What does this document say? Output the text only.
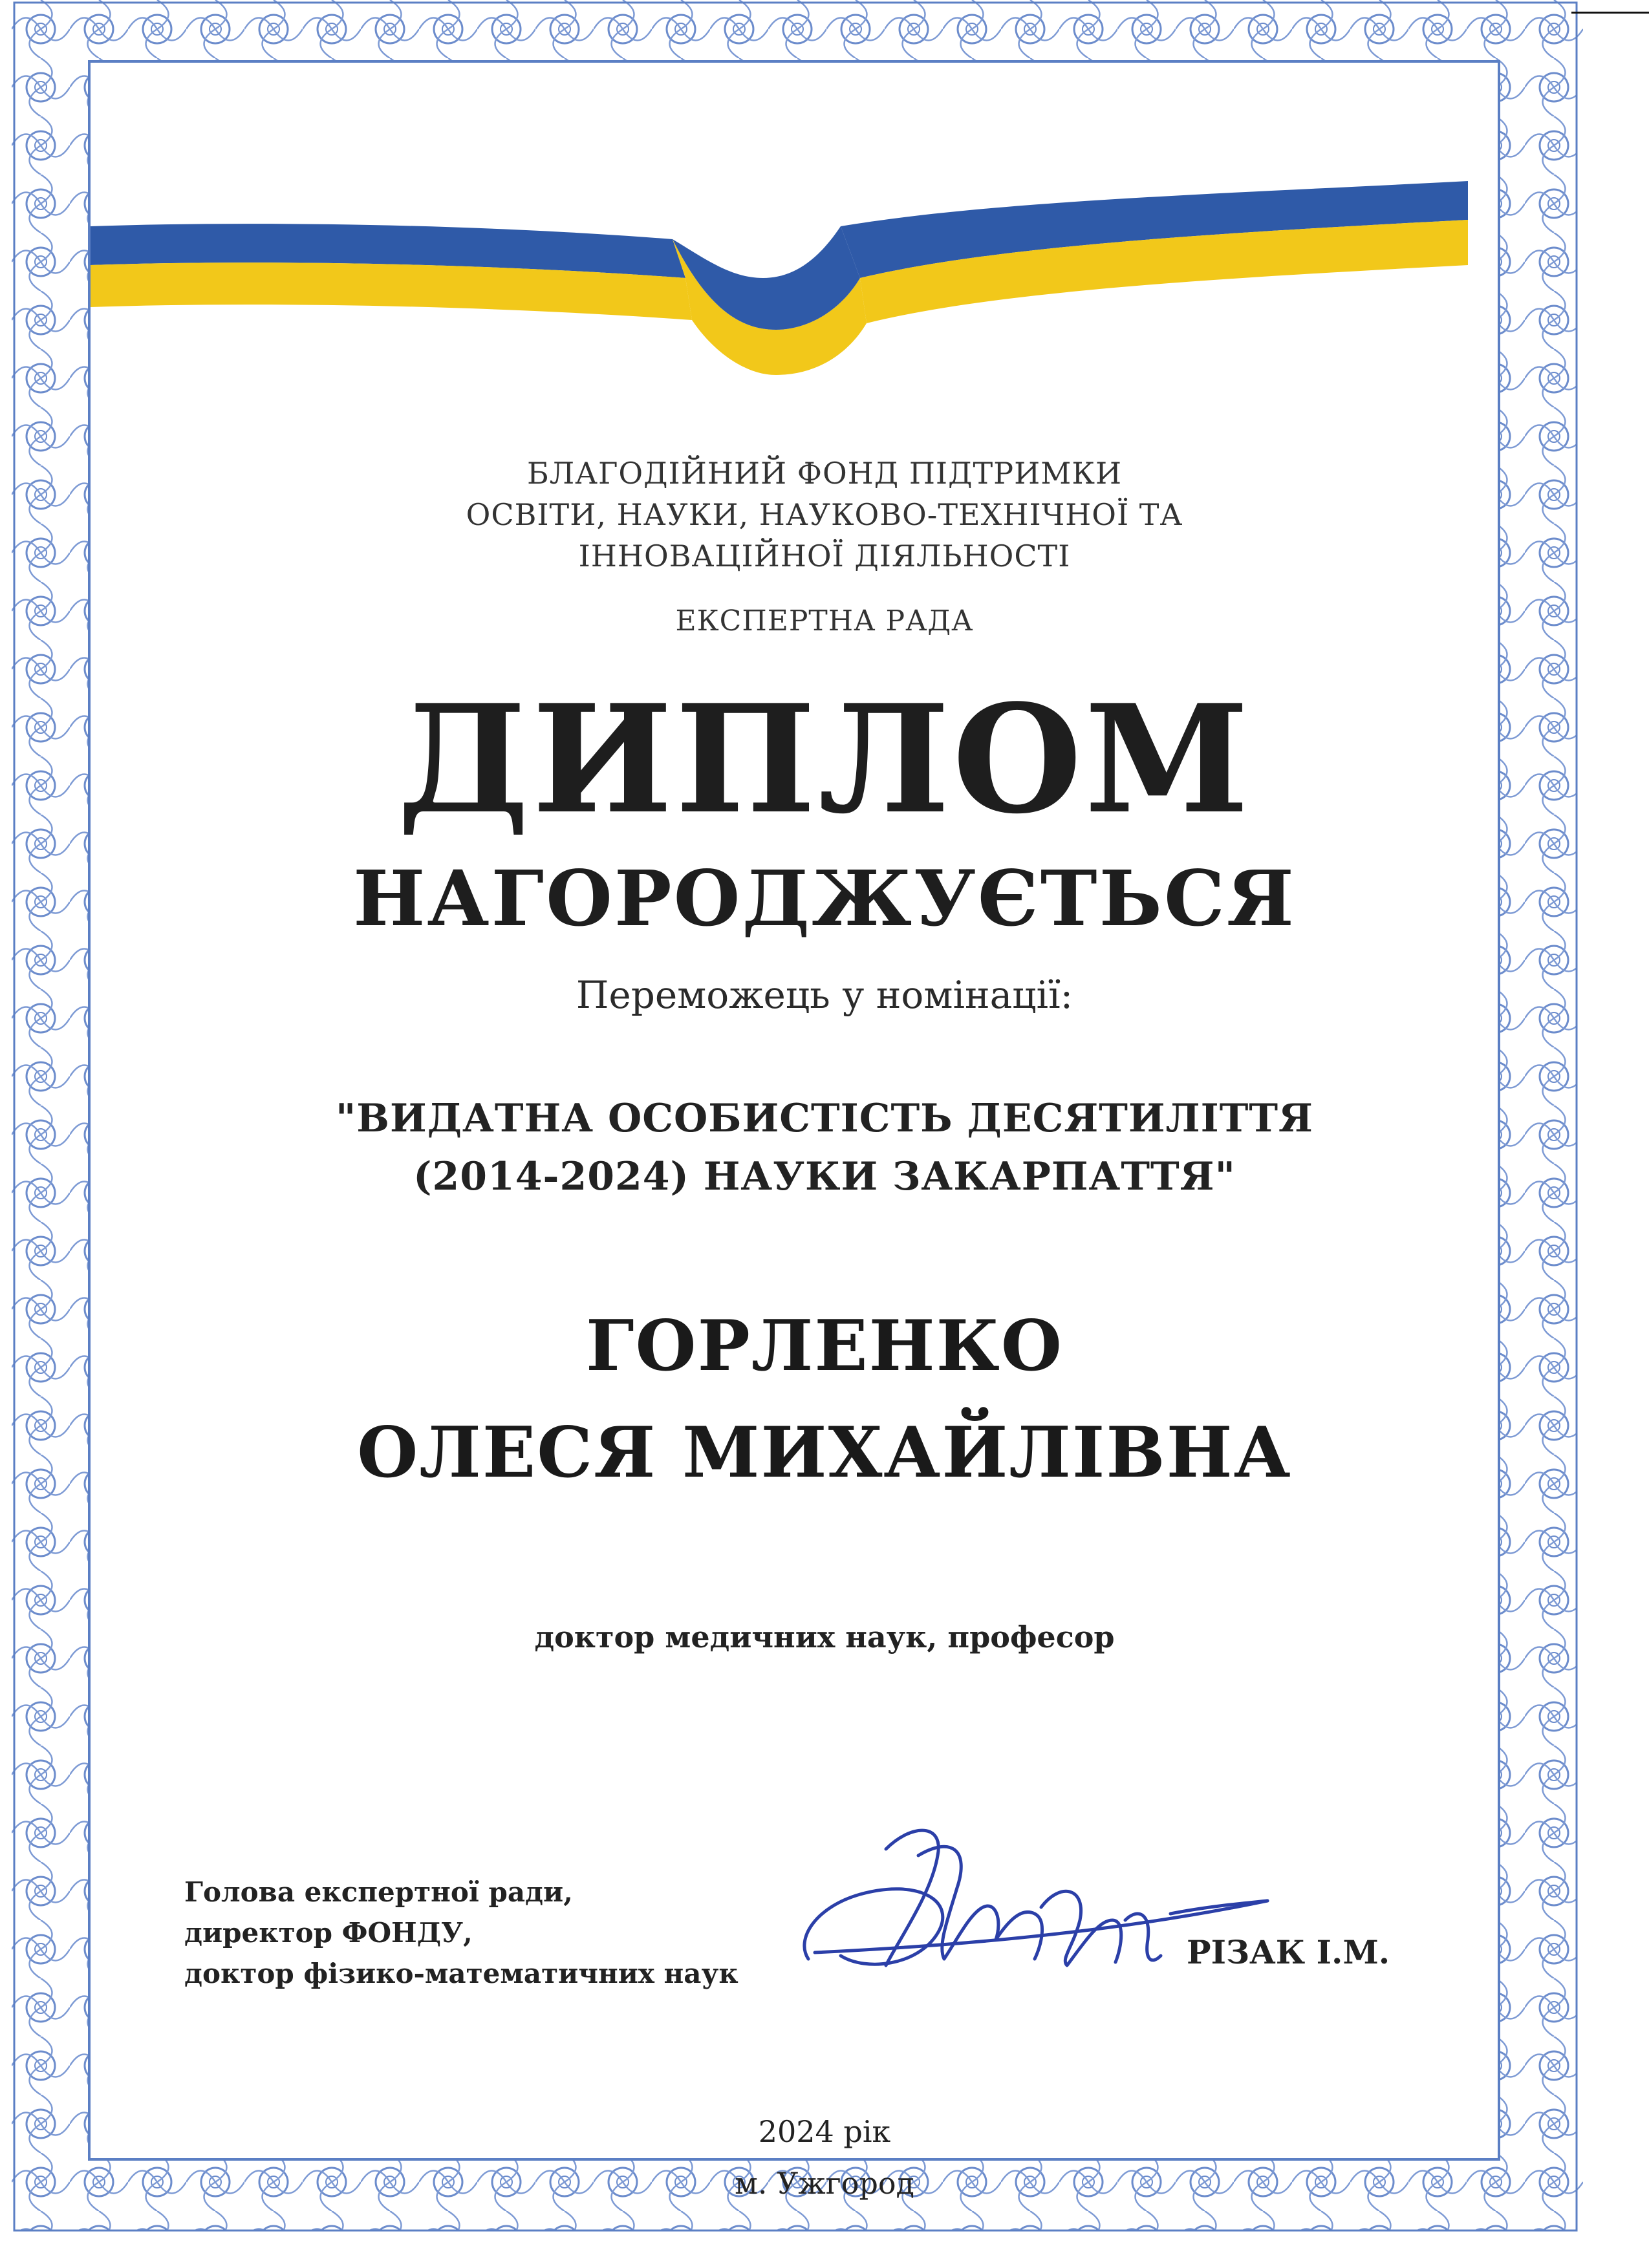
БЛАГОДІЙНИЙ ФОНД ПІДТРИМКИ
ОСВІТИ, НАУКИ, НАУКОВО-ТЕХНІЧНОЇ ТА
ІННОВАЦІЙНОЇ ДІЯЛЬНОСТІ
ЕКСПЕРТНА РАДА
ДИПЛОМ
НАГОРОДЖУЄТЬСЯ
Переможець у номінації:
"ВИДАТНА ОСОБИСТІСТЬ ДЕСЯТИЛІТТЯ
(2014-2024) НАУКИ ЗАКАРПАТТЯ"
ГОРЛЕНКО
ОЛЕСЯ МИХАЙЛІВНА
доктор медичних наук, професор
Голова експертної ради,
директор ФОНДУ,
доктор фізико-математичних наук
РІЗАК І.М.
2024 рік
м. Ужгород
